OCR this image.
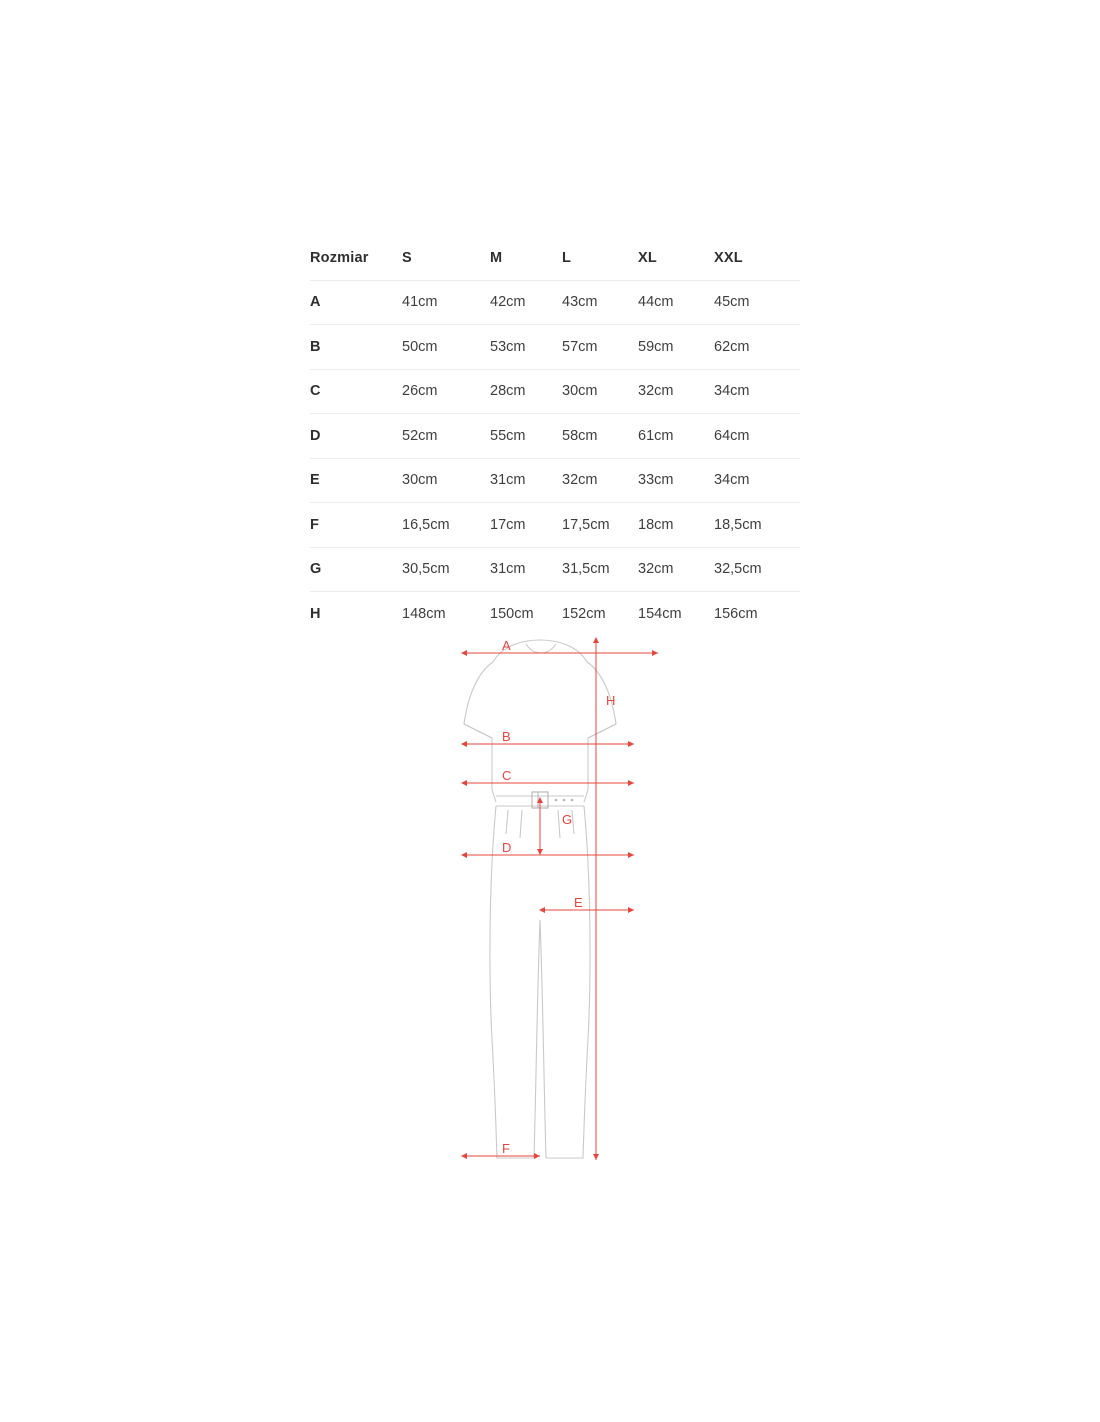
Rozmiar	S	M	L	XL	XXL
A	41cm	42cm	43cm	44cm	45cm
B	50cm	53cm	57cm	59cm	62cm
C	26cm	28cm	30cm	32cm	34cm
D	52cm	55cm	58cm	61cm	64cm
E	30cm	31cm	32cm	33cm	34cm
F	16,5cm	17cm	17,5cm	18cm	18,5cm
G	30,5cm	31cm	31,5cm	32cm	32,5cm
H	148cm	150cm	152cm	154cm	156cm
A
B
C
D
E
F
G
H
